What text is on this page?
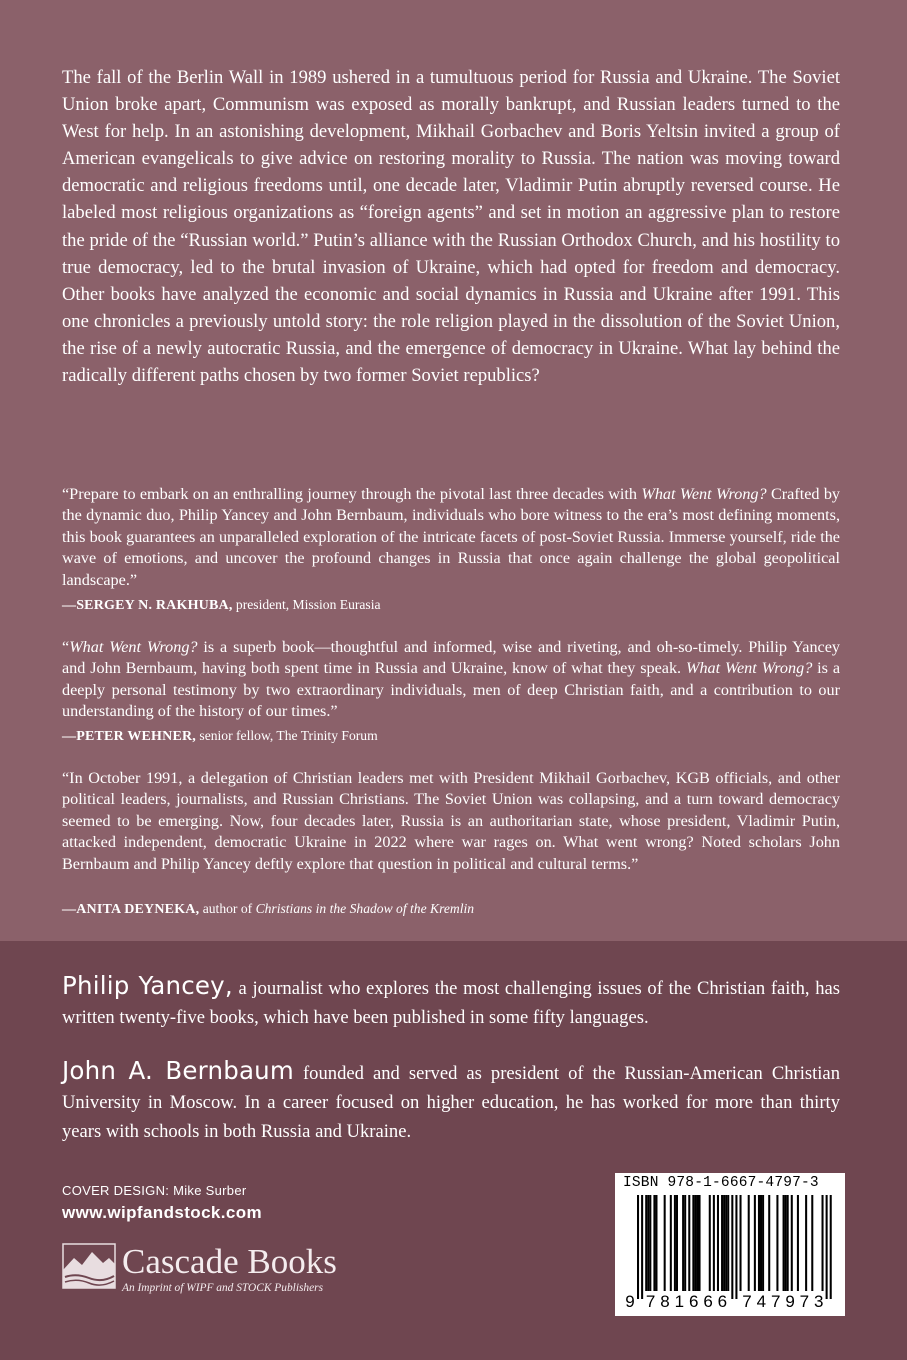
The fall of the Berlin Wall in 1989 ushered in a tumultuous period for Russia and Ukraine. The Soviet Union broke apart, Communism was exposed as morally bankrupt, and Russian leaders turned to the West for help. In an astonishing development, Mikhail Gorbachev and Boris Yeltsin invited a group of American evangelicals to give advice on restoring morality to Russia. The nation was moving toward democratic and religious freedoms until, one decade later, Vladimir Putin abruptly reversed course. He labeled most religious organizations as “foreign agents” and set in motion an aggressive plan to restore the pride of the “Russian world.” Putin’s alliance with the Russian Orthodox Church, and his hostility to true democracy, led to the brutal invasion of Ukraine, which had opted for freedom and democracy. Other books have analyzed the economic and social dynamics in Russia and Ukraine after 1991. This one chronicles a previously untold story: the role religion played in the dissolution of the Soviet Union, the rise of a newly autocratic Russia, and the emergence of democracy in Ukraine. What lay behind the radically different paths chosen by two former Soviet republics?

“Prepare to embark on an enthralling journey through the pivotal last three decades with What Went Wrong? Crafted by the dynamic duo, Philip Yancey and John Bernbaum, individuals who bore witness to the era’s most defining moments, this book guarantees an unparalleled exploration of the intricate facets of post-Soviet Russia. Immerse yourself, ride the wave of emotions, and uncover the profound changes in Russia that once again challenge the global geopolitical landscape.”

—SERGEY N. RAKHUBA, president, Mission Eurasia

“What Went Wrong? is a superb book—thoughtful and informed, wise and riveting, and oh-so-timely. Philip Yancey and John Bernbaum, having both spent time in Russia and Ukraine, know of what they speak. What Went Wrong? is a deeply personal testimony by two extraordinary individuals, men of deep Christian faith, and a contribution to our understanding of the history of our times.”

—PETER WEHNER, senior fellow, The Trinity Forum

“In October 1991, a delegation of Christian leaders met with President Mikhail Gorbachev, KGB officials, and other political leaders, journalists, and Russian Christians. The Soviet Union was collapsing, and a turn toward democracy seemed to be emerging. Now, four decades later, Russia is an authoritarian state, whose president, Vladimir Putin, attacked independent, democratic Ukraine in 2022 where war rages on. What went wrong? Noted scholars John Bernbaum and Philip Yancey deftly explore that question in political and cultural terms.”

—ANITA DEYNEKA, author of Christians in the Shadow of the Kremlin

Philip Yancey, a journalist who explores the most challenging issues of the Christian faith, has written twenty-five books, which have been published in some fifty languages.

John A. Bernbaum founded and served as president of the Russian-American Christian University in Moscow. In a career focused on higher education, he has worked for more than thirty years with schools in both Russia and Ukraine.

COVER DESIGN: Mike Surber

www.wipfandstock.com

Cascade Books
An Imprint of WIPF and STOCK Publishers
ISBN 978-1-6667-4797-3
9 7 8 1 6 6 6 7 4 7 9 7 3
